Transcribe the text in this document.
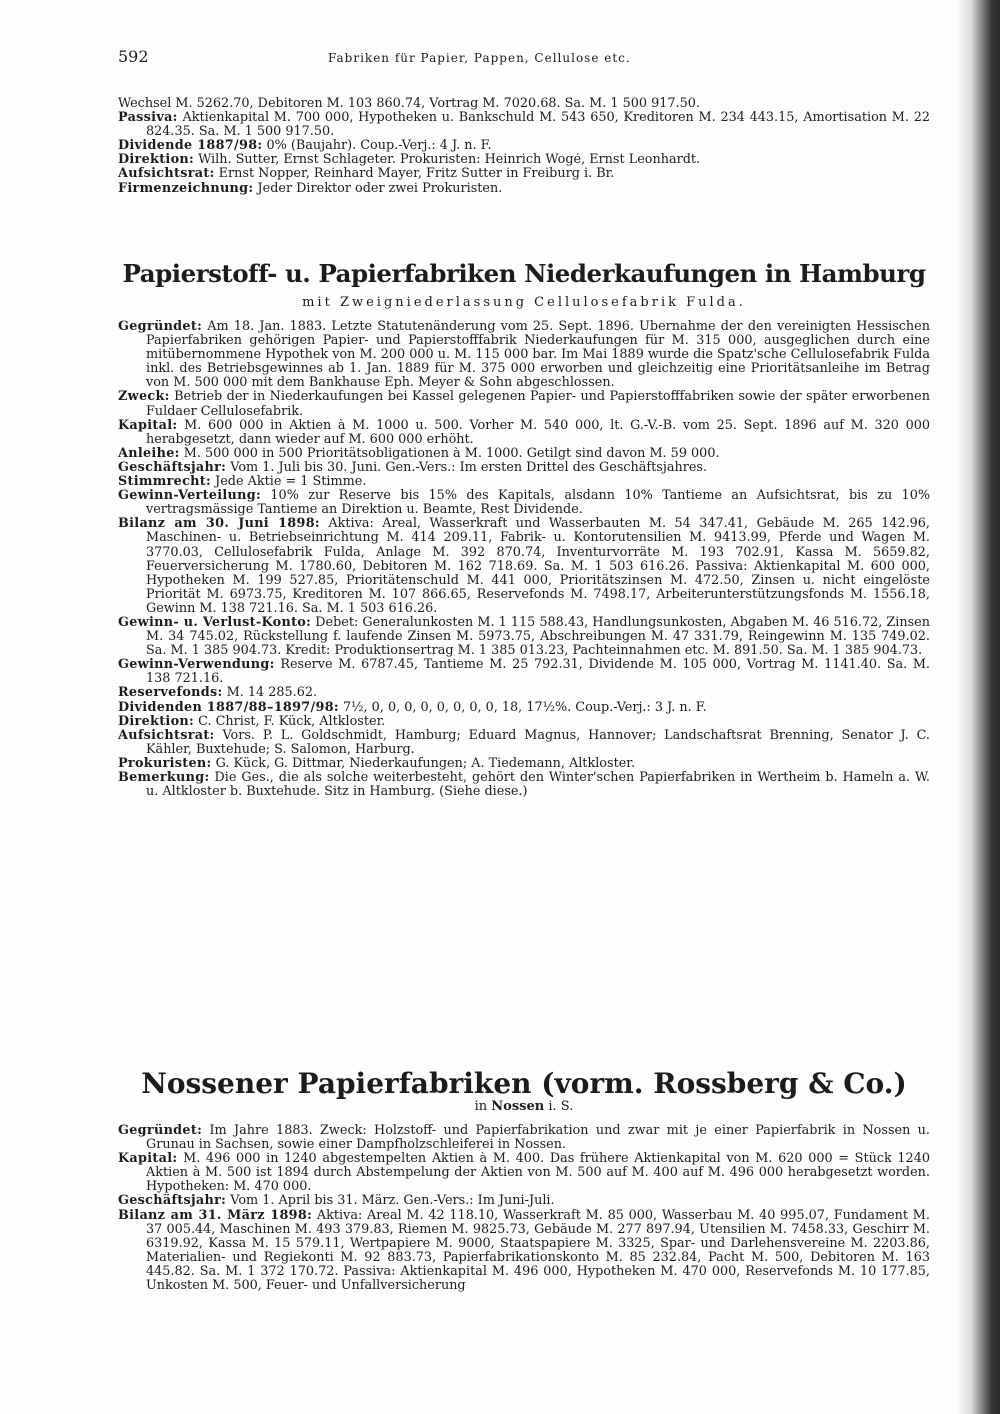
592	Fabriken für Papier, Pappen, Cellulose etc.

Wechsel M. 5262.70, Debitoren M. 103 860.74, Vortrag M. 7020.68. Sa. M. 1 500 917.50.

Passiva: Aktienkapital M. 700 000, Hypotheken u. Bankschuld M. 543 650, Kreditoren M. 234 443.15, Amortisation M. 22 824.35. Sa. M. 1 500 917.50.

Dividende 1887/98: 0% (Baujahr). Coup.-Verj.: 4 J. n. F.

Direktion: Wilh. Sutter, Ernst Schlageter. Prokuristen: Heinrich Wogé, Ernst Leonhardt.

Aufsichtsrat: Ernst Nopper, Reinhard Mayer, Fritz Sutter in Freiburg i. Br.

Firmenzeichnung: Jeder Direktor oder zwei Prokuristen.

Papierstoff- u. Papierfabriken Niederkaufungen in Hamburg
mit Zweigniederlassung Cellulosefabrik Fulda.

Gegründet: Am 18. Jan. 1883. Letzte Statutenänderung vom 25. Sept. 1896. Übernahme der den vereinigten Hessischen Papierfabriken gehörigen Papier- und Papierstofffabrik Niederkaufungen für M. 315 000, ausgeglichen durch eine mitübernommene Hypothek von M. 200 000 u. M. 115 000 bar. Im Mai 1889 wurde die Spatz'sche Cellulosefabrik Fulda inkl. des Betriebsgewinnes ab 1. Jan. 1889 für M. 375 000 erworben und gleichzeitig eine Prioritätsanleihe im Betrag von M. 500 000 mit dem Bankhause Eph. Meyer & Sohn abgeschlossen.

Zweck: Betrieb der in Niederkaufungen bei Kassel gelegenen Papier- und Papierstofffabriken sowie der später erworbenen Fuldaer Cellulosefabrik.

Kapital: M. 600 000 in Aktien à M. 1000 u. 500. Vorher M. 540 000, lt. G.-V.-B. vom 25. Sept. 1896 auf M. 320 000 herabgesetzt, dann wieder auf M. 600 000 erhöht.

Anleihe: M. 500 000 in 500 Prioritätsobligationen à M. 1000. Getilgt sind davon M. 59 000.

Geschäftsjahr: Vom 1. Juli bis 30. Juni. Gen.-Vers.: Im ersten Drittel des Geschäftsjahres.

Stimmrecht: Jede Aktie = 1 Stimme.

Gewinn-Verteilung: 10% zur Reserve bis 15% des Kapitals, alsdann 10% Tantieme an Aufsichtsrat, bis zu 10% vertragsmässige Tantieme an Direktion u. Beamte, Rest Dividende.

Bilanz am 30. Juni 1898: Aktiva: Areal, Wasserkraft und Wasserbauten M. 54 347.41, Gebäude M. 265 142.96, Maschinen- u. Betriebseinrichtung M. 414 209.11, Fabrik- u. Kontorutensilien M. 9413.99, Pferde und Wagen M. 3770.03, Cellulosefabrik Fulda, Anlage M. 392 870.74, Inventurvorräte M. 193 702.91, Kassa M. 5659.82, Feuerversicherung M. 1780.60, Debitoren M. 162 718.69. Sa. M. 1 503 616.26. Passiva: Aktienkapital M. 600 000, Hypotheken M. 199 527.85, Prioritätenschuld M. 441 000, Prioritätszinsen M. 472.50, Zinsen u. nicht eingelöste Priorität M. 6973.75, Kreditoren M. 107 866.65, Reservefonds M. 7498.17, Arbeiterunterstützungsfonds M. 1556.18, Gewinn M. 138 721.16. Sa. M. 1 503 616.26.

Gewinn- u. Verlust-Konto: Debet: Generalunkosten M. 1 115 588.43, Handlungsunkosten, Abgaben M. 46 516.72, Zinsen M. 34 745.02, Rückstellung f. laufende Zinsen M. 5973.75, Abschreibungen M. 47 331.79, Reingewinn M. 135 749.02. Sa. M. 1 385 904.73. Kredit: Produktionsertrag M. 1 385 013.23, Pachteinnahmen etc. M. 891.50. Sa. M. 1 385 904.73.

Gewinn-Verwendung: Reserve M. 6787.45, Tantieme M. 25 792.31, Dividende M. 105 000, Vortrag M. 1141.40. Sa. M. 138 721.16.

Reservefonds: M. 14 285.62.

Dividenden 1887/88–1897/98: 7½, 0, 0, 0, 0, 0, 0, 0, 0, 18, 17½%. Coup.-Verj.: 3 J. n. F.

Direktion: C. Christ, F. Kück, Altkloster.

Aufsichtsrat: Vors. P. L. Goldschmidt, Hamburg; Eduard Magnus, Hannover; Landschaftsrat Brenning, Senator J. C. Kähler, Buxtehude; S. Salomon, Harburg.

Prokuristen: G. Kück, G. Dittmar, Niederkaufungen; A. Tiedemann, Altkloster.

Bemerkung: Die Ges., die als solche weiterbesteht, gehört den Winter'schen Papierfabriken in Wertheim b. Hameln a. W. u. Altkloster b. Buxtehude. Sitz in Hamburg. (Siehe diese.)

Nossener Papierfabriken (vorm. Rossberg & Co.)
in Nossen i. S.

Gegründet: Im Jahre 1883. Zweck: Holzstoff- und Papierfabrikation und zwar mit je einer Papierfabrik in Nossen u. Grunau in Sachsen, sowie einer Dampfholzschleiferei in Nossen.

Kapital: M. 496 000 in 1240 abgestempelten Aktien à M. 400. Das frühere Aktienkapital von M. 620 000 = Stück 1240 Aktien à M. 500 ist 1894 durch Abstempelung der Aktien von M. 500 auf M. 400 auf M. 496 000 herabgesetzt worden. Hypotheken: M. 470 000.

Geschäftsjahr: Vom 1. April bis 31. März. Gen.-Vers.: Im Juni-Juli.

Bilanz am 31. März 1898: Aktiva: Areal M. 42 118.10, Wasserkraft M. 85 000, Wasserbau M. 40 995.07, Fundament M. 37 005.44, Maschinen M. 493 379.83, Riemen M. 9825.73, Gebäude M. 277 897.94, Utensilien M. 7458.33, Geschirr M. 6319.92, Kassa M. 15 579.11, Wertpapiere M. 9000, Staatspapiere M. 3325, Spar- und Darlehensvereine M. 2203.86, Materialien- und Regiekonti M. 92 883.73, Papierfabrikationskonto M. 85 232.84, Pacht M. 500, Debitoren M. 163 445.82. Sa. M. 1 372 170.72. Passiva: Aktienkapital M. 496 000, Hypotheken M. 470 000, Reservefonds M. 10 177.85, Unkosten M. 500, Feuer- und Unfallversicherung
